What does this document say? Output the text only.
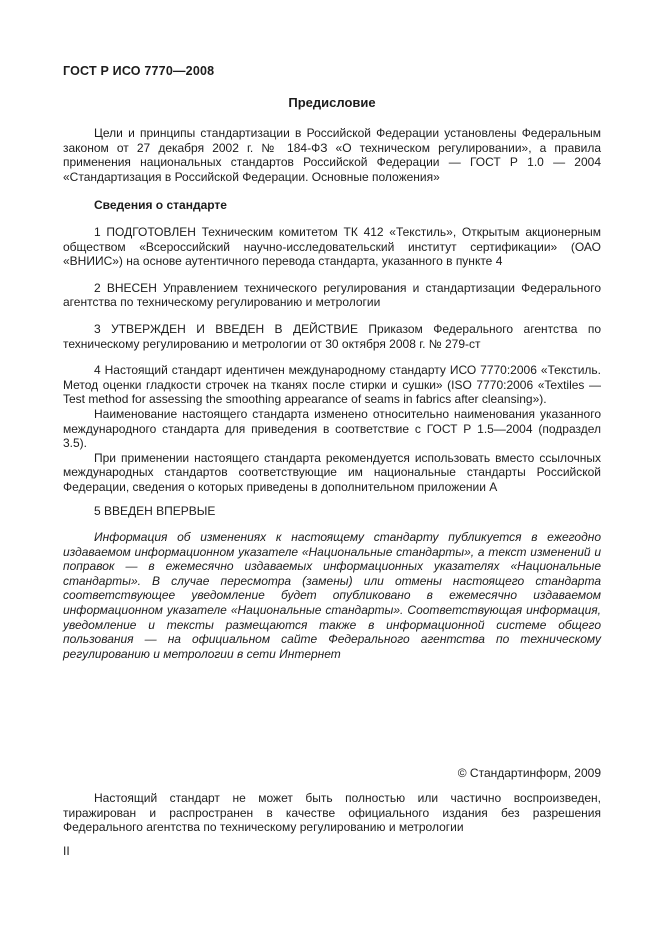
ГОСТ Р ИСО 7770—2008
Предисловие

Цели и принципы стандартизации в Российской Федерации установлены Федеральным законом от 27 декабря 2002 г. № 184-ФЗ «О техническом регулировании», а правила применения национальных стандартов Российской Федерации — ГОСТ Р 1.0 — 2004 «Стандартизация в Российской Федерации. Основные положения»

Сведения о стандарте

1 ПОДГОТОВЛЕН Техническим комитетом ТК 412 «Текстиль», Открытым акционерным обществом «Всероссийский научно-исследовательский институт сертификации» (ОАО «ВНИИС») на основе аутентичного перевода стандарта, указанного в пункте 4

2 ВНЕСЕН Управлением технического регулирования и стандартизации Федерального агентства по техническому регулированию и метрологии

3 УТВЕРЖДЕН И ВВЕДЕН В ДЕЙСТВИЕ Приказом Федерального агентства по техническому регулированию и метрологии от 30 октября 2008 г. № 279-ст

4 Настоящий стандарт идентичен международному стандарту ИСО 7770:2006 «Текстиль. Метод оценки гладкости строчек на тканях после стирки и сушки» (ISO 7770:2006 «Textiles — Test method for assessing the smoothing appearance of seams in fabrics after cleansing»).

Наименование настоящего стандарта изменено относительно наименования указанного международного стандарта для приведения в соответствие с ГОСТ Р 1.5—2004 (подраздел 3.5).

При применении настоящего стандарта рекомендуется использовать вместо ссылочных международных стандартов соответствующие им национальные стандарты Российской Федерации, сведения о которых приведены в дополнительном приложении А

5 ВВЕДЕН ВПЕРВЫЕ

Информация об изменениях к настоящему стандарту публикуется в ежегодно издаваемом информационном указателе «Национальные стандарты», а текст изменений и поправок — в ежемесячно издаваемых информационных указателях «Национальные стандарты». В случае пересмотра (замены) или отмены настоящего стандарта соответствующее уведомление будет опубликовано в ежемесячно издаваемом информационном указателе «Национальные стандарты». Соответствующая информация, уведомление и тексты размещаются также в информационной системе общего пользования — на официальном сайте Федерального агентства по техническому регулированию и метрологии в сети Интернет

© Стандартинформ, 2009
Настоящий стандарт не может быть полностью или частично воспроизведен, тиражирован и распространен в качестве официального издания без разрешения Федерального агентства по техническому регулированию и метрологии
II
